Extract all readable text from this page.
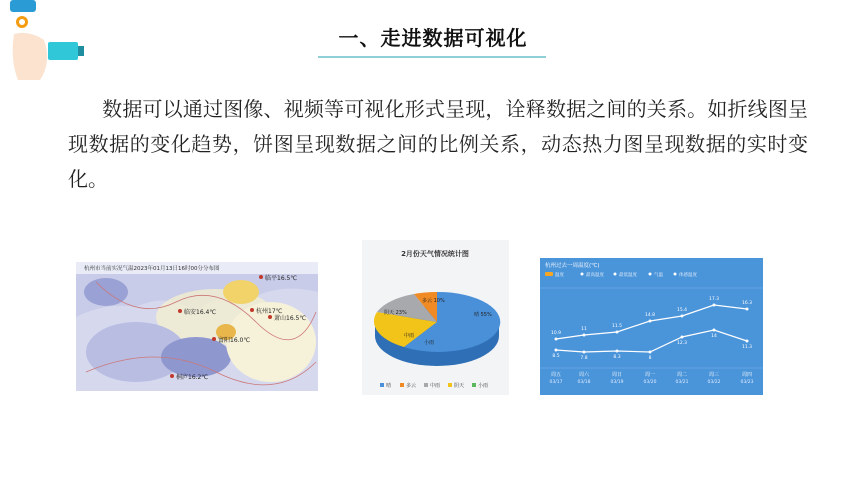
一、走进数据可视化
数据可以通过图像、视频等可视化形式呈现，诠释数据之间的关系。如折线图呈现数据的变化趋势，饼图呈现数据之间的比例关系，动态热力图呈现数据的实时变化。
杭州市当前实况气温2023年01月13日16时00分分布图
临安16.4℃	杭州17℃
萧山16.5℃
富阳16.0℃
桐庐16.2℃
临平16.5℃
2月份天气情况统计图
晴 55%
阴天 23%
多云 10%
中雨
小雨
晴	多云	中雨	阴天	小雨
杭州过去一周温度(℃)
温度	最高温度	最低温度	气温	体感温度
10.9
11
11.5
14.8
15.4
17.3
16.3
8.5	7.8	8.3	8
12.3
14
11.3
周五	周六	周日	周一	周二	周三	周四
03/17	03/18	03/19	03/20	03/21	03/22	03/23
